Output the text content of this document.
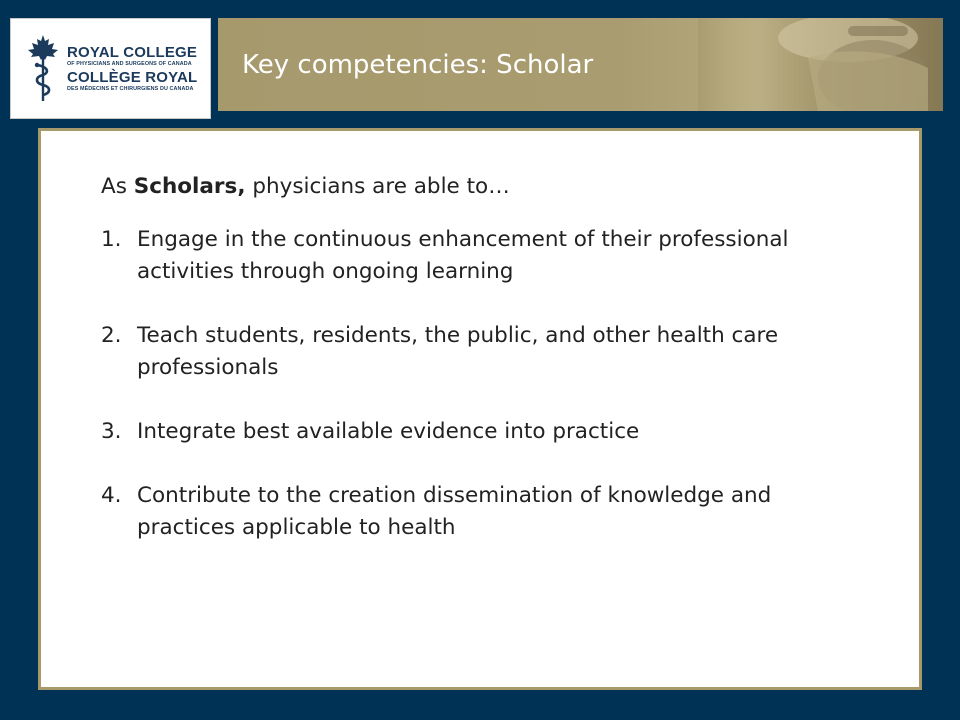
ROYAL COLLEGE
OF PHYSICIANS AND SURGEONS OF CANADA
COLLÈGE ROYAL
DES MÉDECINS ET CHIRURGIENS DU CANADA
Key competencies: Scholar

As Scholars, physicians are able to…

1. Engage in the continuous enhancement of their professional activities through ongoing learning

2. Teach students, residents, the public, and other health care professionals

3. Integrate best available evidence into practice

4. Contribute to the creation dissemination of knowledge and practices applicable to health
